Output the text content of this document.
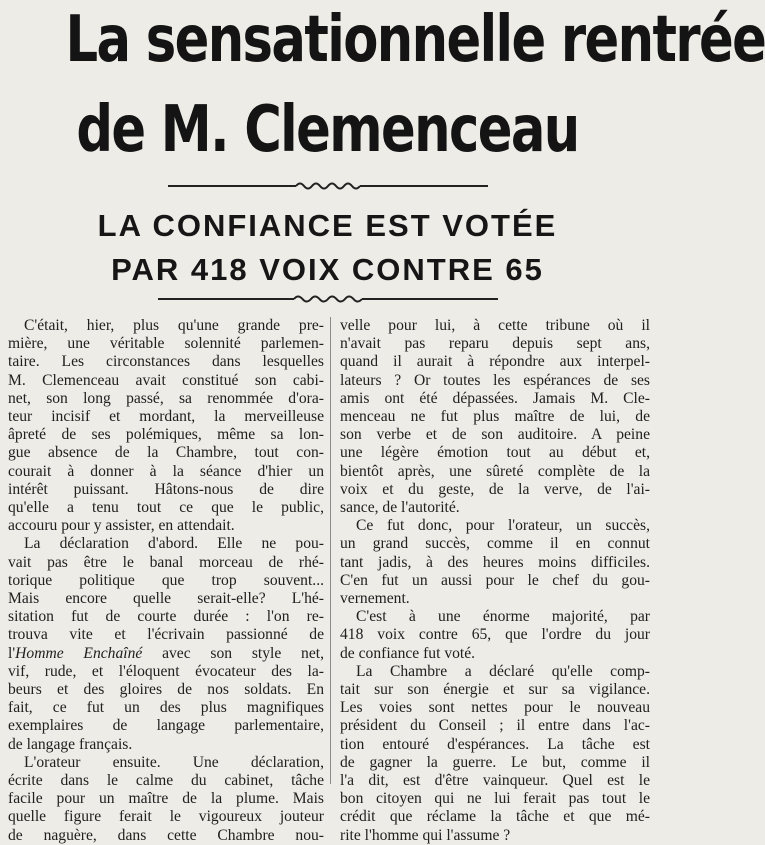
La sensationnelle rentrée
de M. Clemenceau
LA CONFIANCE EST VOTÉE
PAR 418 VOIX CONTRE 65
C'était, hier, plus qu'une grande pre-
mière, une véritable solennité parlemen-
taire. Les circonstances dans lesquelles
M. Clemenceau avait constitué son cabi-
net, son long passé, sa renommée d'ora-
teur incisif et mordant, la merveilleuse
âpreté de ses polémiques, même sa lon-
gue absence de la Chambre, tout con-
courait à donner à la séance d'hier un
intérêt puissant. Hâtons-nous de dire
qu'elle a tenu tout ce que le public,
accouru pour y assister, en attendait.
La déclaration d'abord. Elle ne pou-
vait pas être le banal morceau de rhé-
torique politique que trop souvent...
Mais encore quelle serait-elle? L'hé-
sitation fut de courte durée : l'on re-
trouva vite et l'écrivain passionné de
l'Homme Enchaîné avec son style net,
vif, rude, et l'éloquent évocateur des la-
beurs et des gloires de nos soldats. En
fait, ce fut un des plus magnifiques
exemplaires de langage parlementaire,
de langage français.
L'orateur ensuite. Une déclaration,
écrite dans le calme du cabinet, tâche
facile pour un maître de la plume. Mais
quelle figure ferait le vigoureux jouteur
de naguère, dans cette Chambre nou-
velle pour lui, à cette tribune où il
n'avait pas reparu depuis sept ans,
quand il aurait à répondre aux interpel-
lateurs ? Or toutes les espérances de ses
amis ont été dépassées. Jamais M. Cle-
menceau ne fut plus maître de lui, de
son verbe et de son auditoire. A peine
une légère émotion tout au début et,
bientôt après, une sûreté complète de la
voix et du geste, de la verve, de l'ai-
sance, de l'autorité.
Ce fut donc, pour l'orateur, un succès,
un grand succès, comme il en connut
tant jadis, à des heures moins difficiles.
C'en fut un aussi pour le chef du gou-
vernement.
C'est à une énorme majorité, par
418 voix contre 65, que l'ordre du jour
de confiance fut voté.
La Chambre a déclaré qu'elle comp-
tait sur son énergie et sur sa vigilance.
Les voies sont nettes pour le nouveau
président du Conseil ; il entre dans l'ac-
tion entouré d'espérances. La tâche est
de gagner la guerre. Le but, comme il
l'a dit, est d'être vainqueur. Quel est le
bon citoyen qui ne lui ferait pas tout le
crédit que réclame la tâche et que mé-
rite l'homme qui l'assume ?
